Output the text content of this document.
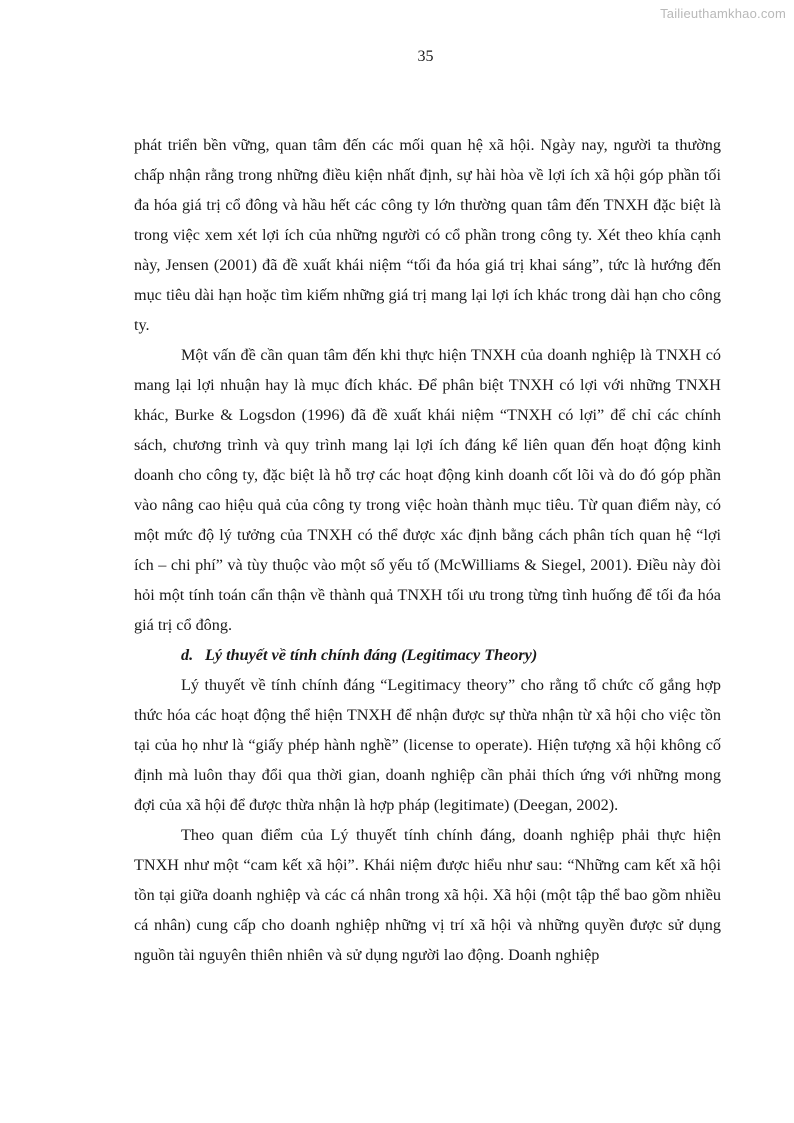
Tailieuthamkhao.com
35

phát triển bền vững, quan tâm đến các mối quan hệ xã hội. Ngày nay, người ta thường chấp nhận rằng trong những điều kiện nhất định, sự hài hòa về lợi ích xã hội góp phần tối đa hóa giá trị cổ đông và hầu hết các công ty lớn thường quan tâm đến TNXH đặc biệt là trong việc xem xét lợi ích của những người có cổ phần trong công ty. Xét theo khía cạnh này, Jensen (2001) đã đề xuất khái niệm “tối đa hóa giá trị khai sáng”, tức là hướng đến mục tiêu dài hạn hoặc tìm kiếm những giá trị mang lại lợi ích khác trong dài hạn cho công ty.

Một vấn đề cần quan tâm đến khi thực hiện TNXH của doanh nghiệp là TNXH có mang lại lợi nhuận hay là mục đích khác. Để phân biệt TNXH có lợi với những TNXH khác, Burke & Logsdon (1996) đã đề xuất khái niệm “TNXH có lợi” để chỉ các chính sách, chương trình và quy trình mang lại lợi ích đáng kể liên quan đến hoạt động kinh doanh cho công ty, đặc biệt là hỗ trợ các hoạt động kinh doanh cốt lõi và do đó góp phần vào nâng cao hiệu quả của công ty trong việc hoàn thành mục tiêu. Từ quan điểm này, có một mức độ lý tưởng của TNXH có thể được xác định bằng cách phân tích quan hệ “lợi ích – chi phí” và tùy thuộc vào một số yếu tố (McWilliams & Siegel, 2001). Điều này đòi hỏi một tính toán cẩn thận về thành quả TNXH tối ưu trong từng tình huống để tối đa hóa giá trị cổ đông.

d. Lý thuyết về tính chính đáng (Legitimacy Theory)

Lý thuyết về tính chính đáng “Legitimacy theory” cho rằng tổ chức cố gắng hợp thức hóa các hoạt động thể hiện TNXH để nhận được sự thừa nhận từ xã hội cho việc tồn tại của họ như là “giấy phép hành nghề” (license to operate). Hiện tượng xã hội không cố định mà luôn thay đổi qua thời gian, doanh nghiệp cần phải thích ứng với những mong đợi của xã hội để được thừa nhận là hợp pháp (legitimate) (Deegan, 2002).

Theo quan điểm của Lý thuyết tính chính đáng, doanh nghiệp phải thực hiện TNXH như một “cam kết xã hội”. Khái niệm được hiểu như sau: “Những cam kết xã hội tồn tại giữa doanh nghiệp và các cá nhân trong xã hội. Xã hội (một tập thể bao gồm nhiều cá nhân) cung cấp cho doanh nghiệp những vị trí xã hội và những quyền được sử dụng nguồn tài nguyên thiên nhiên và sử dụng người lao động. Doanh nghiệp
